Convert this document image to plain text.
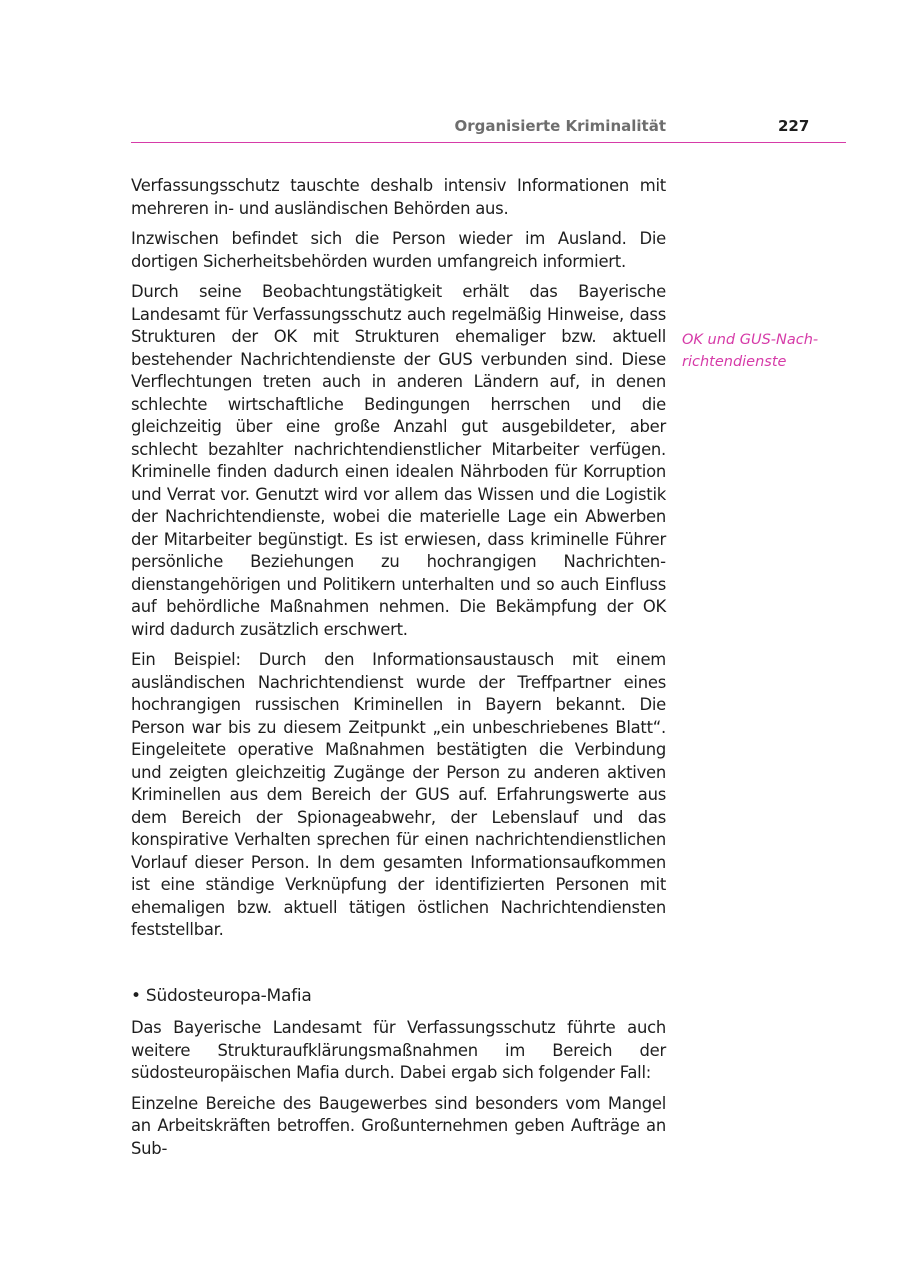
Organisierte Kriminalität	227
OK und GUS-Nach-
richtendienste

Verfassungsschutz tauschte deshalb intensiv Informationen mit mehreren in- und ausländischen Behörden aus.

Inzwischen befindet sich die Person wieder im Ausland. Die dortigen Sicherheitsbehörden wurden umfangreich informiert.

Durch seine Beobachtungstätigkeit erhält das Bayerische Landesamt für Verfassungsschutz auch regelmäßig Hinweise, dass Strukturen der OK mit Strukturen ehemaliger bzw. aktuell bestehender Nachrichtendienste der GUS verbunden sind. Diese Verflechtungen treten auch in anderen Ländern auf, in denen schlechte wirtschaftliche Bedingungen herrschen und die gleichzeitig über eine große Anzahl gut ausgebildeter, aber schlecht bezahlter nachrichtendienstlicher Mitarbeiter verfügen. Kriminelle finden dadurch einen idealen Nährboden für Korruption und Verrat vor. Genutzt wird vor allem das Wissen und die Logistik der Nachrichtendienste, wobei die materielle Lage ein Abwerben der Mitarbeiter begünstigt. Es ist erwiesen, dass kriminelle Führer persönliche Beziehungen zu hochrangigen Nachrichtendienstangehörigen und Politikern unterhalten und so auch Einfluss auf behördliche Maßnahmen nehmen. Die Bekämpfung der OK wird dadurch zusätzlich erschwert.

Ein Beispiel: Durch den Informationsaustausch mit einem ausländischen Nachrichtendienst wurde der Treffpartner eines hochrangigen russischen Kriminellen in Bayern bekannt. Die Person war bis zu diesem Zeitpunkt „ein unbeschriebenes Blatt“. Eingeleitete operative Maßnahmen bestätigten die Verbindung und zeigten gleichzeitig Zugänge der Person zu anderen aktiven Kriminellen aus dem Bereich der GUS auf. Erfahrungswerte aus dem Bereich der Spionageabwehr, der Lebenslauf und das konspirative Verhalten sprechen für einen nachrichtendienstlichen Vorlauf dieser Person. In dem gesamten Informationsaufkommen ist eine ständige Verknüpfung der identifizierten Personen mit ehemaligen bzw. aktuell tätigen östlichen Nachrichtendiensten feststellbar.

• Südosteuropa-Mafia

Das Bayerische Landesamt für Verfassungsschutz führte auch weitere Strukturaufklärungsmaßnahmen im Bereich der südosteuropäischen Mafia durch. Dabei ergab sich folgender Fall:

Einzelne Bereiche des Baugewerbes sind besonders vom Mangel an Arbeitskräften betroffen. Großunternehmen geben Aufträge an Sub-
